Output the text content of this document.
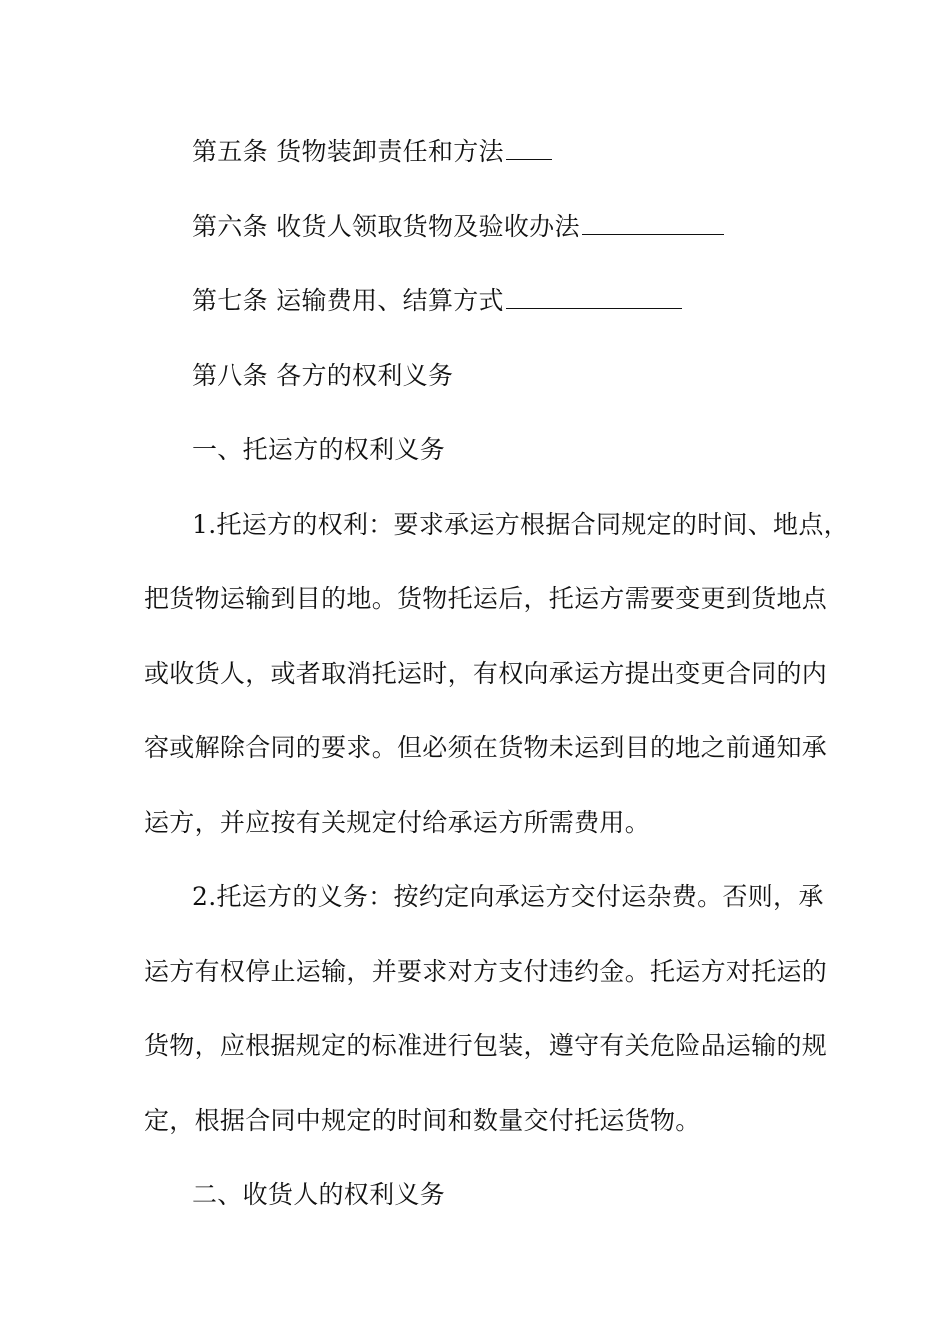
第五条 货物装卸责任和方法
第六条 收货人领取货物及验收办法
第七条 运输费用、结算方式
第八条 各方的权利义务
一、托运方的权利义务
1.托运方的权利：要求承运方根据合同规定的时间、地点，
把货物运输到目的地。货物托运后，托运方需要变更到货地点
或收货人，或者取消托运时，有权向承运方提出变更合同的内
容或解除合同的要求。但必须在货物未运到目的地之前通知承
运方，并应按有关规定付给承运方所需费用。
2.托运方的义务：按约定向承运方交付运杂费。否则，承
运方有权停止运输，并要求对方支付违约金。托运方对托运的
货物，应根据规定的标准进行包装，遵守有关危险品运输的规
定，根据合同中规定的时间和数量交付托运货物。
二、收货人的权利义务
